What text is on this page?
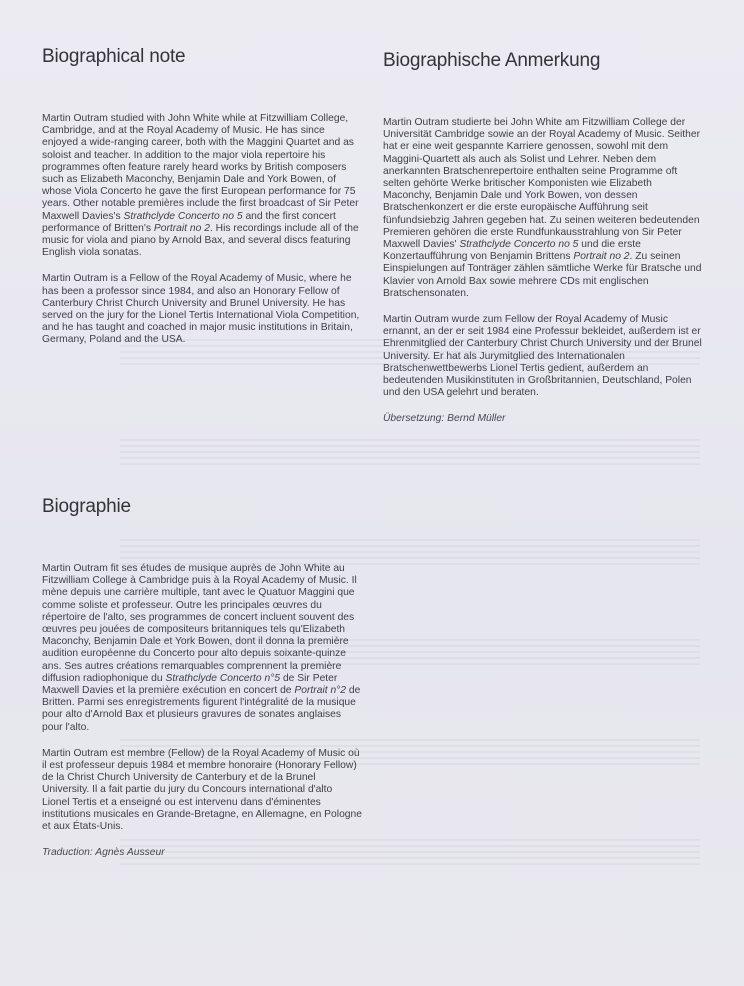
Biographical note

Martin Outram studied with John White while at Fitzwilliam College, Cambridge, and at the Royal Academy of Music. He has since enjoyed a wide-ranging career, both with the Maggini Quartet and as soloist and teacher. In addition to the major viola repertoire his programmes often feature rarely heard works by British composers such as Elizabeth Maconchy, Benjamin Dale and York Bowen, of whose Viola Concerto he gave the first European performance for 75 years. Other notable premières include the first broadcast of Sir Peter Maxwell Davies's Strathclyde Concerto no 5 and the first concert performance of Britten's Portrait no 2. His recordings include all of the music for viola and piano by Arnold Bax, and several discs featuring English viola sonatas.

Martin Outram is a Fellow of the Royal Academy of Music, where he has been a professor since 1984, and also an Honorary Fellow of Canterbury Christ Church University and Brunel University. He has served on the jury for the Lionel Tertis International Viola Competition, and he has taught and coached in major music institutions in Britain, Germany, Poland and the USA.

Biographische Anmerkung

Martin Outram studierte bei John White am Fitzwilliam College der Universität Cambridge sowie an der Royal Academy of Music. Seither hat er eine weit gespannte Karriere genossen, sowohl mit dem Maggini-Quartett als auch als Solist und Lehrer. Neben dem anerkannten Bratschenrepertoire enthalten seine Programme oft selten gehörte Werke britischer Komponisten wie Elizabeth Maconchy, Benjamin Dale und York Bowen, von dessen Bratschenkonzert er die erste europäische Aufführung seit fünfundsiebzig Jahren gegeben hat. Zu seinen weiteren bedeutenden Premieren gehören die erste Rundfunkausstrahlung von Sir Peter Maxwell Davies' Strathclyde Concerto no 5 und die erste Konzertaufführung von Benjamin Brittens Portrait no 2. Zu seinen Einspielungen auf Tonträger zählen sämtliche Werke für Bratsche und Klavier von Arnold Bax sowie mehrere CDs mit englischen Bratschensonaten.

Martin Outram wurde zum Fellow der Royal Academy of Music ernannt, an der er seit 1984 eine Professur bekleidet, außerdem ist er Ehrenmitglied der Canterbury Christ Church University und der Brunel University. Er hat als Jurymitglied des Internationalen Bratschenwettbewerbs Lionel Tertis gedient, außerdem an bedeutenden Musikinstituten in Großbritannien, Deutschland, Polen und den USA gelehrt und beraten.

Übersetzung: Bernd Müller

Biographie

Martin Outram fit ses études de musique auprès de John White au Fitzwilliam College à Cambridge puis à la Royal Academy of Music. Il mène depuis une carrière multiple, tant avec le Quatuor Maggini que comme soliste et professeur. Outre les principales œuvres du répertoire de l'alto, ses programmes de concert incluent souvent des œuvres peu jouées de compositeurs britanniques tels qu'Elizabeth Maconchy, Benjamin Dale et York Bowen, dont il donna la première audition européenne du Concerto pour alto depuis soixante-quinze ans. Ses autres créations remarquables comprennent la première diffusion radiophonique du Strathclyde Concerto n°5 de Sir Peter Maxwell Davies et la première exécution en concert de Portrait n°2 de Britten. Parmi ses enregistrements figurent l'intégralité de la musique pour alto d'Arnold Bax et plusieurs gravures de sonates anglaises pour l'alto.

Martin Outram est membre (Fellow) de la Royal Academy of Music où il est professeur depuis 1984 et membre honoraire (Honorary Fellow) de la Christ Church University de Canterbury et de la Brunel University. Il a fait partie du jury du Concours international d'alto Lionel Tertis et a enseigné ou est intervenu dans d'éminentes institutions musicales en Grande-Bretagne, en Allemagne, en Pologne et aux États-Unis.

Traduction: Agnès Ausseur
